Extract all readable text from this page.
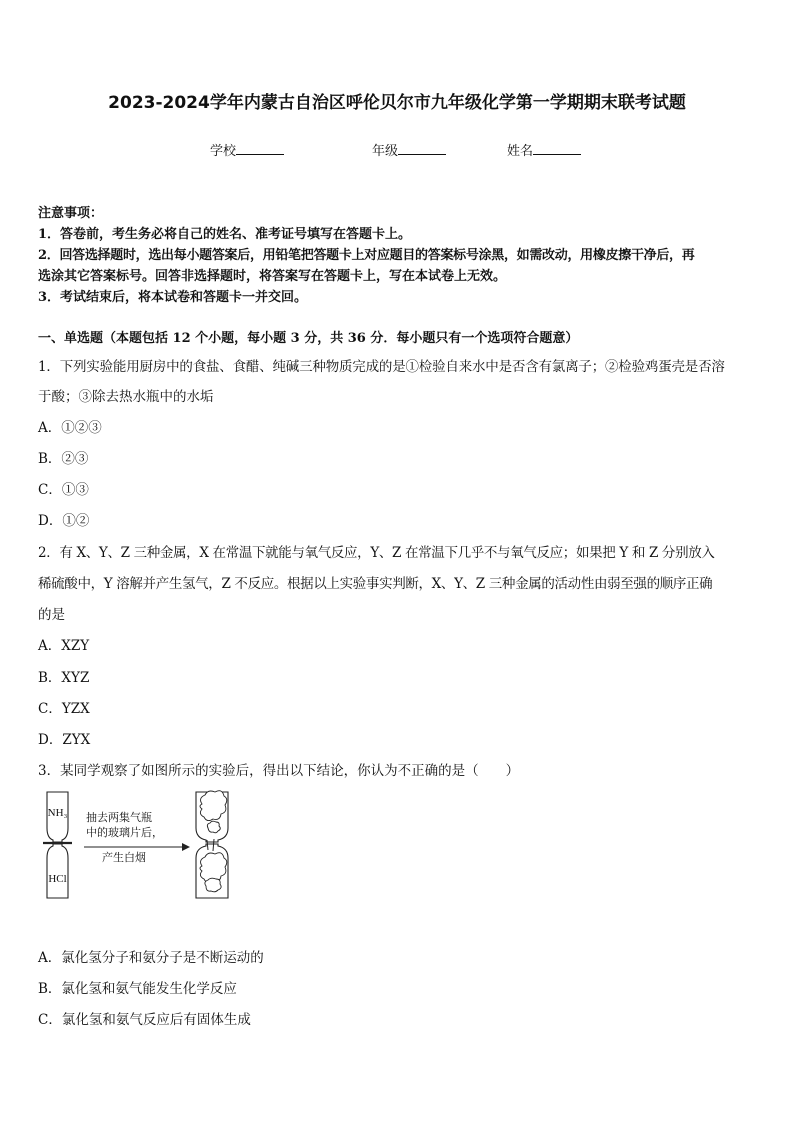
2023-2024学年内蒙古自治区呼伦贝尔市九年级化学第一学期期末联考试题
学校	年级	姓名
注意事项：
1．答卷前，考生务必将自己的姓名、准考证号填写在答题卡上。
2．回答选择题时，选出每小题答案后，用铅笔把答题卡上对应题目的答案标号涂黑，如需改动，用橡皮擦干净后，再
选涂其它答案标号。回答非选择题时，将答案写在答题卡上，写在本试卷上无效。
3．考试结束后，将本试卷和答题卡一并交回。
一、单选题（本题包括 12 个小题，每小题 3 分，共 36 分．每小题只有一个选项符合题意）
1．下列实验能用厨房中的食盐、食醋、纯碱三种物质完成的是①检验自来水中是否含有氯离子；②检验鸡蛋壳是否溶
于酸；③除去热水瓶中的水垢
A．①②③
B．②③
C．①③
D．①②
2．有 X、Y、Z 三种金属，X 在常温下就能与氧气反应，Y、Z 在常温下几乎不与氧气反应；如果把 Y 和 Z 分别放入
稀硫酸中，Y 溶解并产生氢气，Z 不反应。根据以上实验事实判断，X、Y、Z 三种金属的活动性由弱至强的顺序正确
的是
A．XZY
B．XYZ
C．YZX
D．ZYX
3．某同学观察了如图所示的实验后，得出以下结论，你认为不正确的是（　　）
NH₃
HCl
抽去两集气瓶
中的玻璃片后，
产生白烟
A．氯化氢分子和氨分子是不断运动的
B．氯化氢和氨气能发生化学反应
C．氯化氢和氨气反应后有固体生成
